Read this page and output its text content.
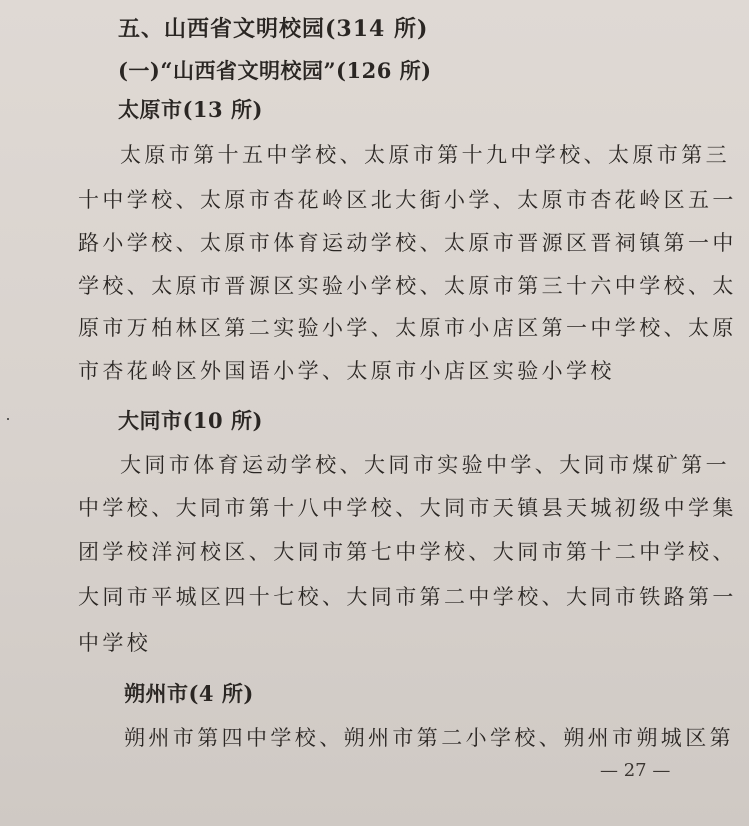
五、山西省文明校园(314 所)
(一)“山西省文明校园”(126 所)
太原市(13 所)
太原市第十五中学校、太原市第十九中学校、太原市第三
十中学校、太原市杏花岭区北大街小学、太原市杏花岭区五一
路小学校、太原市体育运动学校、太原市晋源区晋祠镇第一中
学校、太原市晋源区实验小学校、太原市第三十六中学校、太
原市万柏林区第二实验小学、太原市小店区第一中学校、太原
市杏花岭区外国语小学、太原市小店区实验小学校
大同市(10 所)
大同市体育运动学校、大同市实验中学、大同市煤矿第一
中学校、大同市第十八中学校、大同市天镇县天城初级中学集
团学校洋河校区、大同市第七中学校、大同市第十二中学校、
大同市平城区四十七校、大同市第二中学校、大同市铁路第一
中学校
朔州市(4 所)
朔州市第四中学校、朔州市第二小学校、朔州市朔城区第
— 27 —
